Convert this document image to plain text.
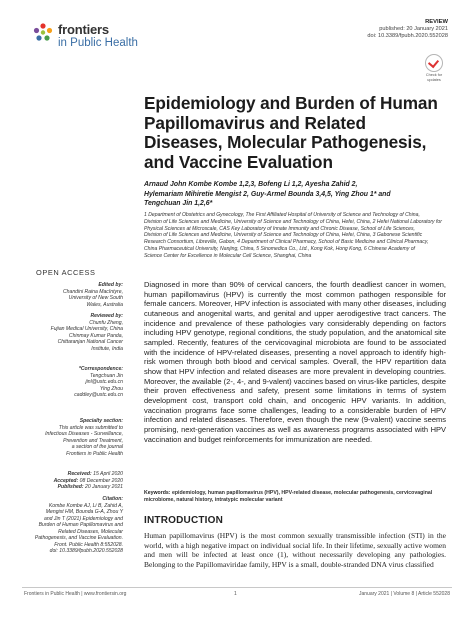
frontiers
in Public Health
REVIEW
published: 20 January 2021
doi: 10.3389/fpubh.2020.552028
Check for updates
Epidemiology and Burden of Human Papillomavirus and Related Diseases, Molecular Pathogenesis, and Vaccine Evaluation
Arnaud John Kombe Kombe 1,2,3, Bofeng Li 1,2, Ayesha Zahid 2,
Hylemariam Mihiretie Mengist 2, Guy-Armel Bounda 3,4,5, Ying Zhou 1* and
Tengchuan Jin 1,2,6*
1 Department of Obstetrics and Gynecology, The First Affiliated Hospital of University of Science and Technology of China,
Division of Life Sciences and Medicine, University of Science and Technology of China, Hefei, China, 2 Hefei National Laboratory for
Physical Sciences at Microscale, CAS Key Laboratory of Innate Immunity and Chronic Disease, School of Life Sciences,
Division of Life Sciences and Medicine, University of Science and Technology of China, Hefei, China, 3 Gabonese Scientific
Research Consortium, Libreville, Gabon, 4 Department of Clinical Pharmacy, School of Basic Medicine and Clinical Pharmacy,
China Pharmaceutical University, Nanjing, China, 5 Sinomedica Co., Ltd., Kong Kok, Hong Kong, 6 Chinese Academy of
Science Center for Excellence in Molecular Cell Science, Shanghai, China
OPEN ACCESS
Edited by:
Chandini Raina MacIntyre,
University of New South
Wales, Australia
Reviewed by:
Chunfu Zheng,
Fujian Medical University, China
Chinmay Kumar Panda,
Chittaranjan National Cancer
Institute, India
*Correspondence:
Tengchuan Jin
jinl@ustc.edu.cn
Ying Zhou
caddiey@ustc.edu.cn
Specialty section:
This article was submitted to
Infectious Diseases - Surveillance,
Prevention and Treatment,
a section of the journal
Frontiers in Public Health
Received: 15 April 2020
Accepted: 08 December 2020
Published: 20 January 2021
Citation:
Kombe Kombe AJ, Li B, Zahid A,
Mengist HM, Bounda G-A, Zhou Y
and Jin T (2021) Epidemiology and
Burden of Human Papillomavirus and
Related Diseases, Molecular
Pathogenesis, and Vaccine Evaluation.
Front. Public Health 8:552028.
doi: 10.3389/fpubh.2020.552028
Diagnosed in more than 90% of cervical cancers, the fourth deadliest cancer in women, human papillomavirus (HPV) is currently the most common pathogen responsible for female cancers. Moreover, HPV infection is associated with many other diseases, including cutaneous and anogenital warts, and genital and upper aerodigestive tract cancers. The incidence and prevalence of these pathologies vary considerably depending on factors including HPV genotype, regional conditions, the study population, and the anatomical site sampled. Recently, features of the cervicovaginal microbiota are found to be associated with the incidence of HPV-related diseases, presenting a novel approach to identify high-risk women through both blood and cervical samples. Overall, the HPV repartition data show that HPV infection and related diseases are more prevalent in developing countries. Moreover, the available (2-, 4-, and 9-valent) vaccines based on virus-like particles, despite their proven effectiveness and safety, present some limitations in terms of system development cost, transport cold chain, and oncogenic HPV variants. In addition, vaccination programs face some challenges, leading to a considerable burden of HPV infection and related diseases. Therefore, even though the new (9-valent) vaccine seems promising, next-generation vaccines as well as awareness programs associated with HPV vaccination and budget reinforcements for immunization are needed.
Keywords: epidemiology, human papillomavirus (HPV), HPV-related disease, molecular pathogenesis, cervicovaginal microbiome, natural history, intratypic molecular variant
INTRODUCTION
Human papillomavirus (HPV) is the most common sexually transmissible infection (STI) in the world, with a high negative impact on individual social life. In their lifetime, sexually active women and men will be infected at least once (1), without necessarily developing any pathologies. Belonging to the Papillomaviridae family, HPV is a small, double-stranded DNA virus classified
Frontiers in Public Health | www.frontiersin.org	1	January 2021 | Volume 8 | Article 552028
